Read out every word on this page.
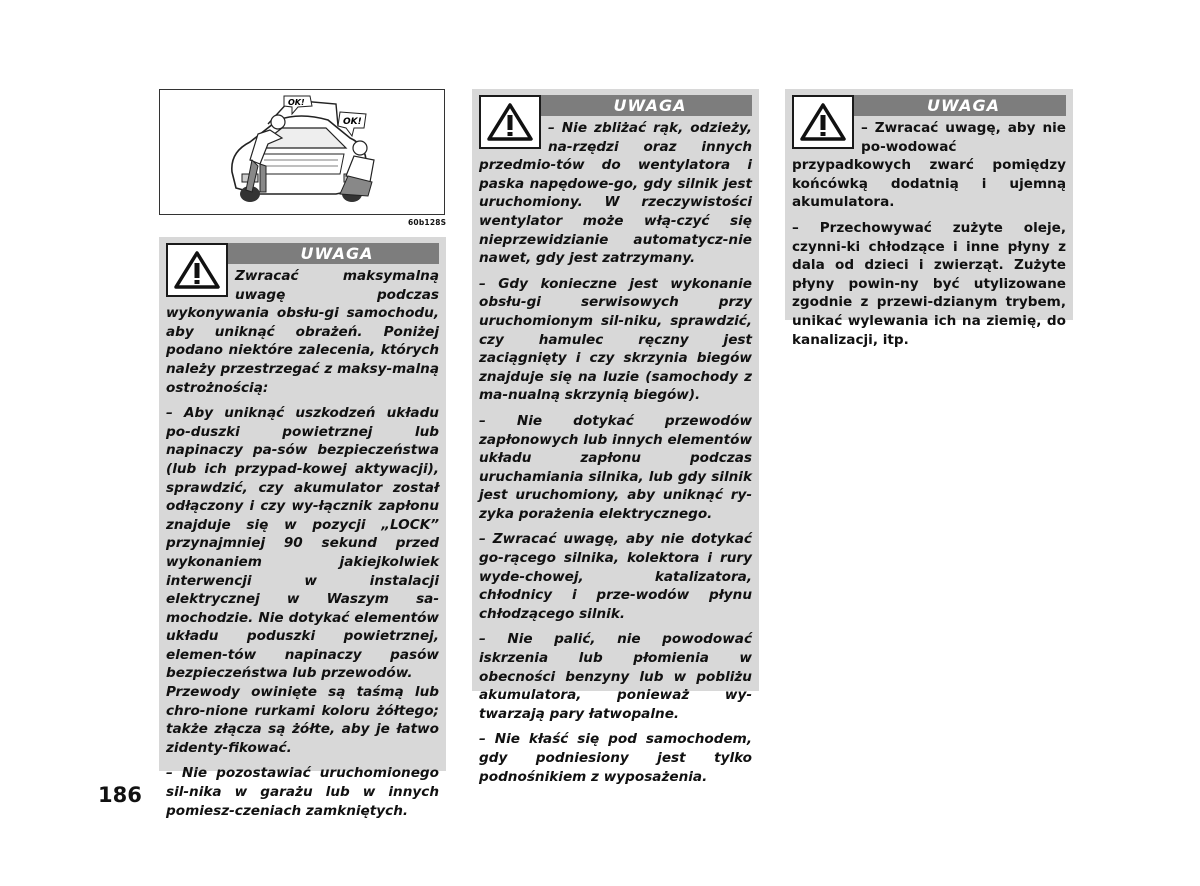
OK!
OK!
60b128S
UWAGA

Zwracać maksymalną uwagę podczas wykonywania obsłu-gi samochodu, aby uniknąć obrażeń. Poniżej podano niektóre zalecenia, których należy przestrzegać z maksy-malną ostrożnością:

– Aby uniknąć uszkodzeń układu po-duszki powietrznej lub napinaczy pa-sów bezpieczeństwa (lub ich przypad-kowej aktywacji), sprawdzić, czy akumulator został odłączony i czy wy-łącznik zapłonu znajduje się w pozycji „LOCK” przynajmniej 90 sekund przed wykonaniem jakiejkolwiek interwencji w instalacji elektrycznej w Waszym sa-mochodzie. Nie dotykać elementów układu poduszki powietrznej, elemen-tów napinaczy pasów bezpieczeństwa lub przewodów.

Przewody owinięte są taśmą lub chro-nione rurkami koloru żółtego; także złącza są żółte, aby je łatwo zidenty-fikować.

– Nie pozostawiać uruchomionego sil-nika w garażu lub w innych pomiesz-czeniach zamkniętych.

UWAGA

– Nie zbliżać rąk, odzieży, na-rzędzi oraz innych przedmio-tów do wentylatora i paska napędowe-go, gdy silnik jest uruchomiony. W rzeczywistości wentylator może włą-czyć się nieprzewidzianie automatycz-nie nawet, gdy jest zatrzymany.

– Gdy konieczne jest wykonanie obsłu-gi serwisowych przy uruchomionym sil-niku, sprawdzić, czy hamulec ręczny jest zaciągnięty i czy skrzynia biegów znajduje się na luzie (samochody z ma-nualną skrzynią biegów).

– Nie dotykać przewodów zapłonowych lub innych elementów układu zapłonu podczas uruchamiania silnika, lub gdy silnik jest uruchomiony, aby uniknąć ry-zyka porażenia elektrycznego.

– Zwracać uwagę, aby nie dotykać go-rącego silnika, kolektora i rury wyde-chowej, katalizatora, chłodnicy i prze-wodów płynu chłodzącego silnik.

– Nie palić, nie powodować iskrzenia lub płomienia w obecności benzyny lub w pobliżu akumulatora, ponieważ wy-twarzają pary łatwopalne.

– Nie kłaść się pod samochodem, gdy podniesiony jest tylko podnośnikiem z wyposażenia.

UWAGA

– Zwracać uwagę, aby nie po-wodować przypadkowych zwarć pomiędzy końcówką dodatnią i ujemną akumulatora.

– Przechowywać zużyte oleje, czynni-ki chłodzące i inne płyny z dala od dzieci i zwierząt. Zużyte płyny powin-ny być utylizowane zgodnie z przewi-dzianym trybem, unikać wylewania ich na ziemię, do kanalizacji, itp.

186
